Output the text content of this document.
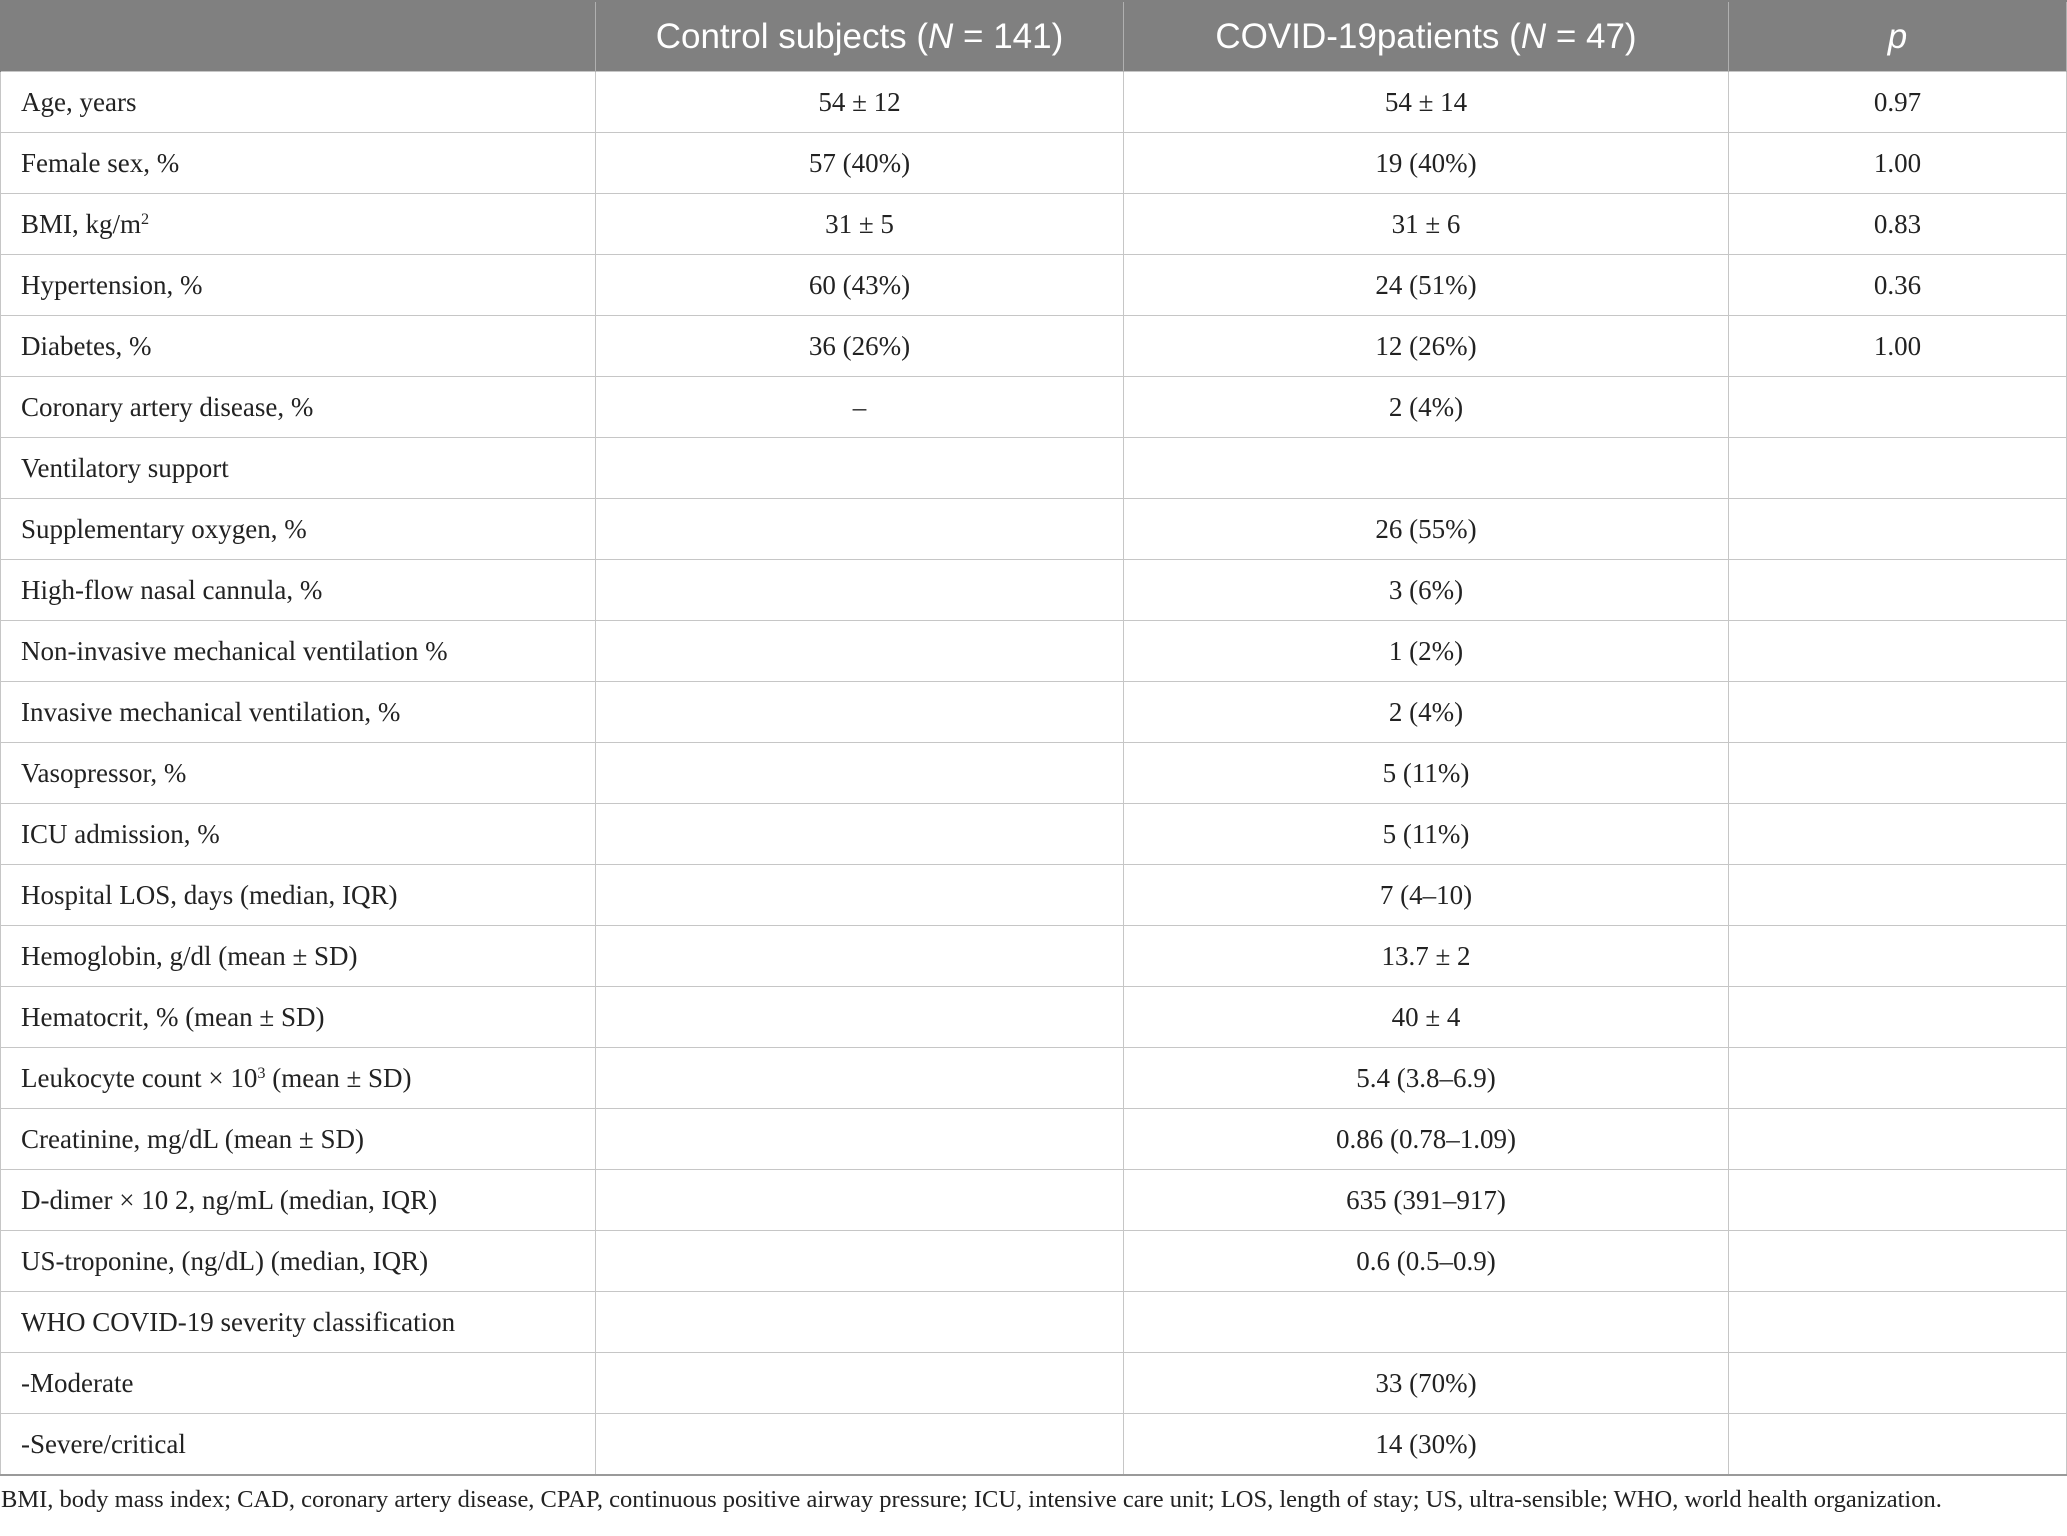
	Control subjects (N = 141)	COVID-19patients (N = 47)	p
Age, years	54 ± 12	54 ± 14	0.97
Female sex, %	57 (40%)	19 (40%)	1.00
BMI, $kg/m^2$	31 ± 5	31 ± 6	0.83
Hypertension, %	60 (43%)	24 (51%)	0.36
Diabetes, %	36 (26%)	12 (26%)	1.00
Coronary artery disease, %	–	2 (4%)	
Ventilatory support			
Supplementary oxygen, %		26 (55%)	
High-flow nasal cannula, %		3 (6%)	
Non-invasive mechanical ventilation %		1 (2%)	
Invasive mechanical ventilation, %		2 (4%)	
Vasopressor, %		5 (11%)	
ICU admission, %		5 (11%)	
Hospital LOS, days (median, IQR)		7 (4–10)	
Hemoglobin, g/dl (mean ± SD)		13.7 ± 2	
Hematocrit, % (mean ± SD)		40 ± 4	
Leukocyte count × $10^3$ (mean ± SD)		5.4 (3.8–6.9)	
Creatinine, mg/dL (mean ± SD)		0.86 (0.78–1.09)	
D-dimer × 10 2, ng/mL (median, IQR)		635 (391–917)	
US-troponine, (ng/dL) (median, IQR)		0.6 (0.5–0.9)	
WHO COVID-19 severity classification			
-Moderate		33 (70%)	
-Severe/critical		14 (30%)	
BMI, body mass index; CAD, coronary artery disease, CPAP, continuous positive airway pressure; ICU, intensive care unit; LOS, length of stay; US, ultra-sensible; WHO, world health organization.
